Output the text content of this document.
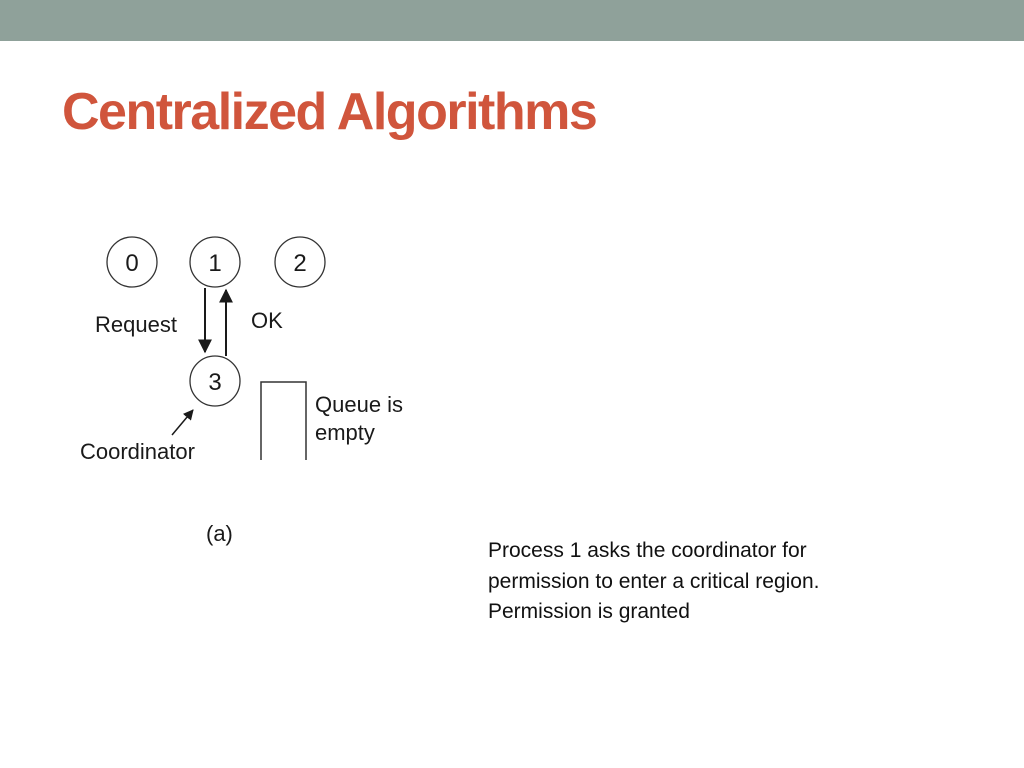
Centralized Algorithms
0	1	2
3
Request	OK
Queue is
empty
Coordinator
(a)

Process 1 asks the coordinator for
permission to enter a critical region.
Permission is granted
